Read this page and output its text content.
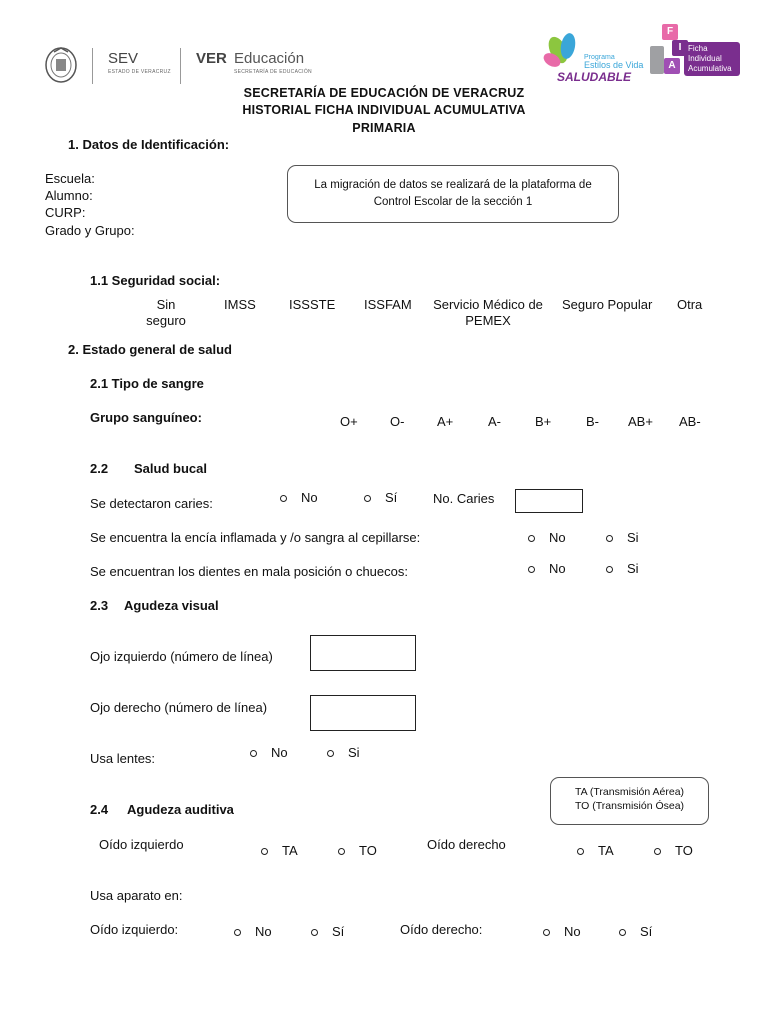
SEV
ESTADO DE VERACRUZ
VER Educación
SECRETARÍA DE EDUCACIÓN
Programa
Estilos de Vida
SALUDABLE
F
I
A
Ficha
Individual
Acumulativa
SECRETARÍA DE EDUCACIÓN DE VERACRUZ
HISTORIAL FICHA INDIVIDUAL ACUMULATIVA
PRIMARIA
1. Datos de Identificación:
Escuela:
Alumno:
CURP:
Grado y Grupo:
La migración de datos se realizará de la plataforma de Control Escolar de la sección 1
1.1 Seguridad social:
Sin seguro
IMSS	ISSSTE ISSFAM Servicio Médico de PEMEX
Seguro Popular Otra
2. Estado general de salud
2.1 Tipo de sangre
Grupo sanguíneo:	O+ O-	A+	A-	B+	B- AB+ AB-
2.2 Salud bucal
Se detectaron caries:	No	Sí	No. Caries
Se encuentra la encía inflamada y /o sangra al cepillarse:	No	Si
Se encuentran los dientes en mala posición o chuecos:	No	Si
2.3 Agudeza visual
Ojo izquierdo (número de línea)
Ojo derecho (número de línea)
Usa lentes:	No	Si
TA (Transmisión Aérea)
TO (Transmisión Ósea)
2.4 Agudeza auditiva
Oído izquierdo	TA	TO	Oído derecho	TA	TO
Usa aparato en:
Oído izquierdo:	No	Sí	Oído derecho:	No	Sí
